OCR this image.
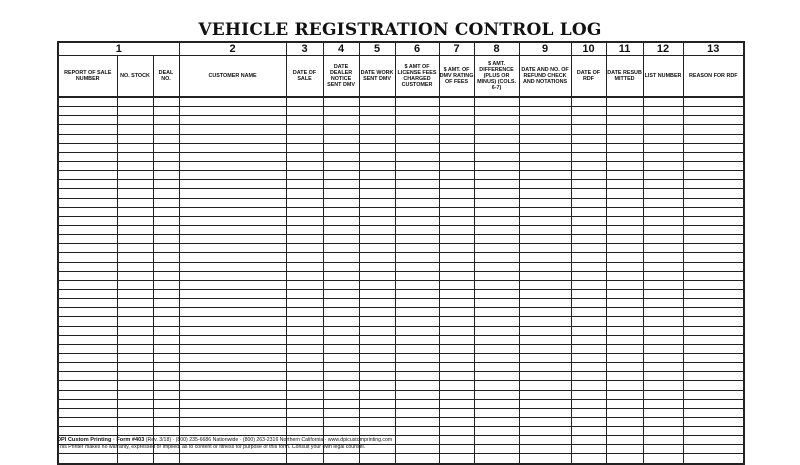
VEHICLE REGISTRATION CONTROL LOG
1			2	3	4	5	6	7	8	9	10	11	12	13
REPORT OF SALE NUMBER	NO. STOCK	DEAL NO.	CUSTOMER NAME	DATE OF SALE	DATE DEALER NOTICE SENT DMV	DATE WORK SENT DMV	$ AMT OF LICENSE FEES CHARGED CUSTOMER	$ AMT. OF DMV RATING OF FEES	$ AMT. DIFFERENCE (PLUS OR MINUS) (COLS. 6-7)	DATE AND NO. OF REFUND CHECK AND NOTATIONS	DATE OF RDF	DATE RESUB MITTED	LIST NUMBER	REASON FOR RDF

DPI Custom Printing · Form #403 (Rev. 3/18) · (800) 235-6686 Nationwide · (800) 263-2316 Northern California · www.dpicustomprinting.com
This Printer makes no warranty, expressed or implied, as to content or fitness for purpose of this form. Consult your own legal counsel.
